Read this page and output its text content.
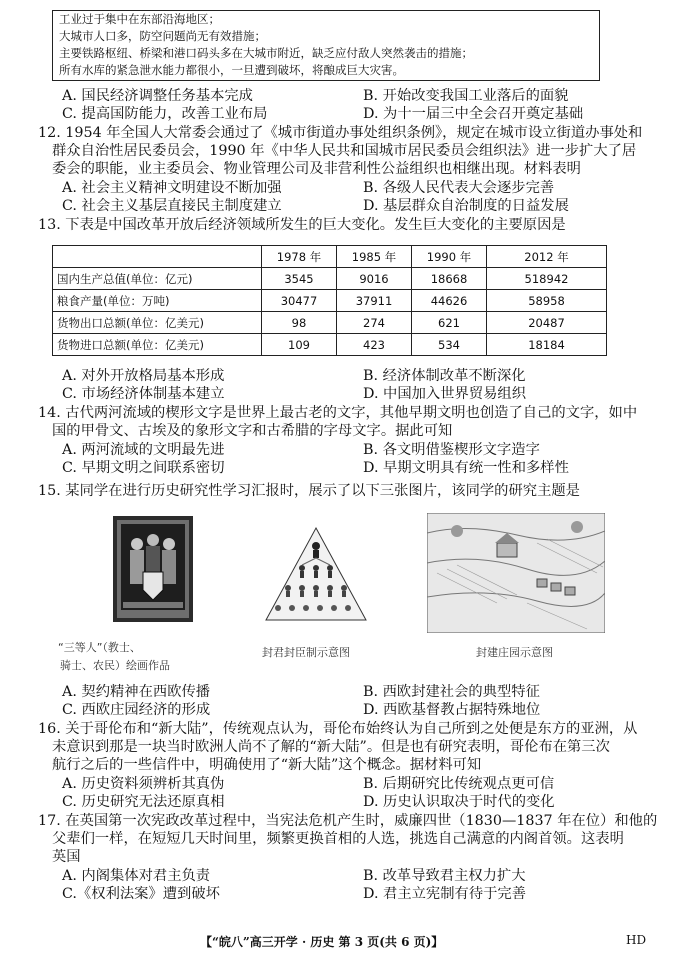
工业过于集中在东部沿海地区；
大城市人口多，防空问题尚无有效措施；
主要铁路枢纽、桥梁和港口码头多在大城市附近，缺乏应付敌人突然袭击的措施；
所有水库的紧急泄水能力都很小，一旦遭到破坏，将酿成巨大灾害。
A. 国民经济调整任务基本完成	B. 开始改变我国工业落后的面貌
C. 提高国防能力，改善工业布局	D. 为十一届三中全会召开奠定基础
12. 1954 年全国人大常委会通过了《城市街道办事处组织条例》，规定在城市设立街道办事处和
群众自治性居民委员会，1990 年《中华人民共和国城市居民委员会组织法》进一步扩大了居
委会的职能，业主委员会、物业管理公司及非营利性公益组织也相继出现。材料表明
A. 社会主义精神文明建设不断加强	B. 各级人民代表大会逐步完善
C. 社会主义基层直接民主制度建立	D. 基层群众自治制度的日益发展
13. 下表是中国改革开放后经济领域所发生的巨大变化。发生巨大变化的主要原因是
	1978 年	1985 年	1990 年	2012 年
国内生产总值(单位：亿元)	3545	9016	18668	518942
粮食产量(单位：万吨)	30477	37911	44626	58958
货物出口总额(单位：亿美元)	98	274	621	20487
货物进口总额(单位：亿美元)	109	423	534	18184
A. 对外开放格局基本形成	B. 经济体制改革不断深化
C. 市场经济体制基本建立	D. 中国加入世界贸易组织
14. 古代两河流域的楔形文字是世界上最古老的文字，其他早期文明也创造了自己的文字，如中
国的甲骨文、古埃及的象形文字和古希腊的字母文字。据此可知
A. 两河流域的文明最先进	B. 各文明借鉴楔形文字造字
C. 早期文明之间联系密切	D. 早期文明具有统一性和多样性
15. 某同学在进行历史研究性学习汇报时，展示了以下三张图片，该同学的研究主题是
“三等人”（教士、
骑士、农民）绘画作品
封君封臣制示意图	封建庄园示意图
A. 契约精神在西欧传播	B. 西欧封建社会的典型特征
C. 西欧庄园经济的形成	D. 西欧基督教占据特殊地位
16. 关于哥伦布和“新大陆”，传统观点认为，哥伦布始终认为自己所到之处便是东方的亚洲，从
未意识到那是一块当时欧洲人尚不了解的“新大陆”。但是也有研究表明，哥伦布在第三次
航行之后的一些信件中，明确使用了“新大陆”这个概念。据材料可知
A. 历史资料须辨析其真伪	B. 后期研究比传统观点更可信
C. 历史研究无法还原真相	D. 历史认识取决于时代的变化
17. 在英国第一次宪政改革过程中，当宪法危机产生时，威廉四世（1830—1837 年在位）和他的
父辈们一样，在短短几天时间里，频繁更换首相的人选，挑选自己满意的内阁首领。这表明
英国
A. 内阁集体对君主负责	B. 改革导致君主权力扩大
C.《权利法案》遭到破坏	D. 君主立宪制有待于完善
【“皖八”高三开学 · 历史 第 3 页(共 6 页)】	HD
